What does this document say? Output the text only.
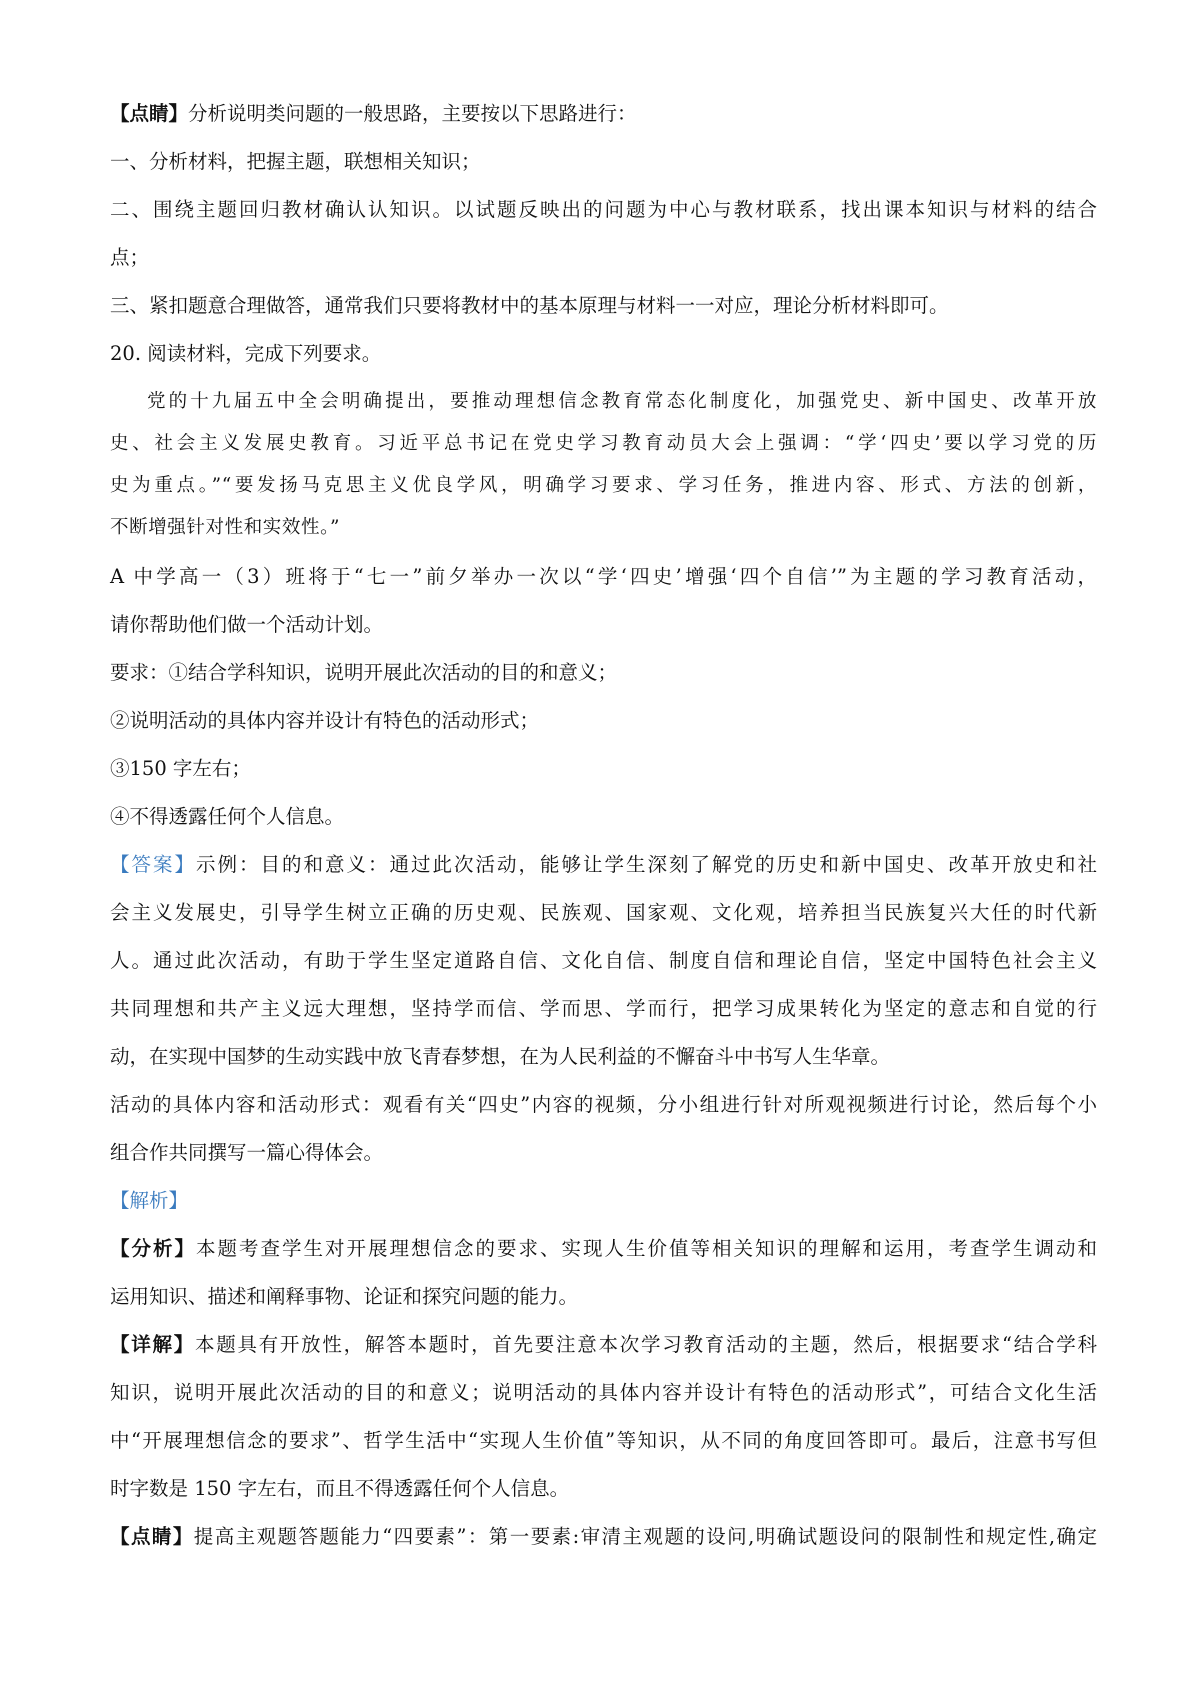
【点睛】分析说明类问题的一般思路，主要按以下思路进行：

一、分析材料，把握主题，联想相关知识；

二、围绕主题回归教材确认认知识。以试题反映出的问题为中心与教材联系，找出课本知识与材料的结合

点；

三、紧扣题意合理做答，通常我们只要将教材中的基本原理与材料一一对应，理论分析材料即可。

20. 阅读材料，完成下列要求。

党的十九届五中全会明确提出，要推动理想信念教育常态化制度化，加强党史、新中国史、改革开放
史、社会主义发展史教育。习近平总书记在党史学习教育动员大会上强调：“学‘四史’要以学习党的历
史为重点。”“要发扬马克思主义优良学风，明确学习要求、学习任务，推进内容、形式、方法的创新，
不断增强针对性和实效性。”

A 中学高一（3）班将于“七一”前夕举办一次以“学‘四史’增强‘四个自信’”为主题的学习教育活动，
请你帮助他们做一个活动计划。

要求：①结合学科知识，说明开展此次活动的目的和意义；

②说明活动的具体内容并设计有特色的活动形式；

③150 字左右；

④不得透露任何个人信息。

【答案】示例：目的和意义：通过此次活动，能够让学生深刻了解党的历史和新中国史、改革开放史和社
会主义发展史，引导学生树立正确的历史观、民族观、国家观、文化观，培养担当民族复兴大任的时代新
人。通过此次活动，有助于学生坚定道路自信、文化自信、制度自信和理论自信，坚定中国特色社会主义
共同理想和共产主义远大理想，坚持学而信、学而思、学而行，把学习成果转化为坚定的意志和自觉的行
动，在实现中国梦的生动实践中放飞青春梦想，在为人民利益的不懈奋斗中书写人生华章。

活动的具体内容和活动形式：观看有关“四史”内容的视频，分小组进行针对所观视频进行讨论，然后每个小
组合作共同撰写一篇心得体会。

【解析】

【分析】本题考查学生对开展理想信念的要求、实现人生价值等相关知识的理解和运用，考查学生调动和
运用知识、描述和阐释事物、论证和探究问题的能力。

【详解】本题具有开放性，解答本题时，首先要注意本次学习教育活动的主题，然后，根据要求“结合学科
知识，说明开展此次活动的目的和意义；说明活动的具体内容并设计有特色的活动形式”，可结合文化生活
中“开展理想信念的要求”、哲学生活中“实现人生价值”等知识，从不同的角度回答即可。最后，注意书写但
时字数是 150 字左右，而且不得透露任何个人信息。

【点睛】提高主观题答题能力“四要素”：第一要素:审清主观题的设问,明确试题设问的限制性和规定性,确定
